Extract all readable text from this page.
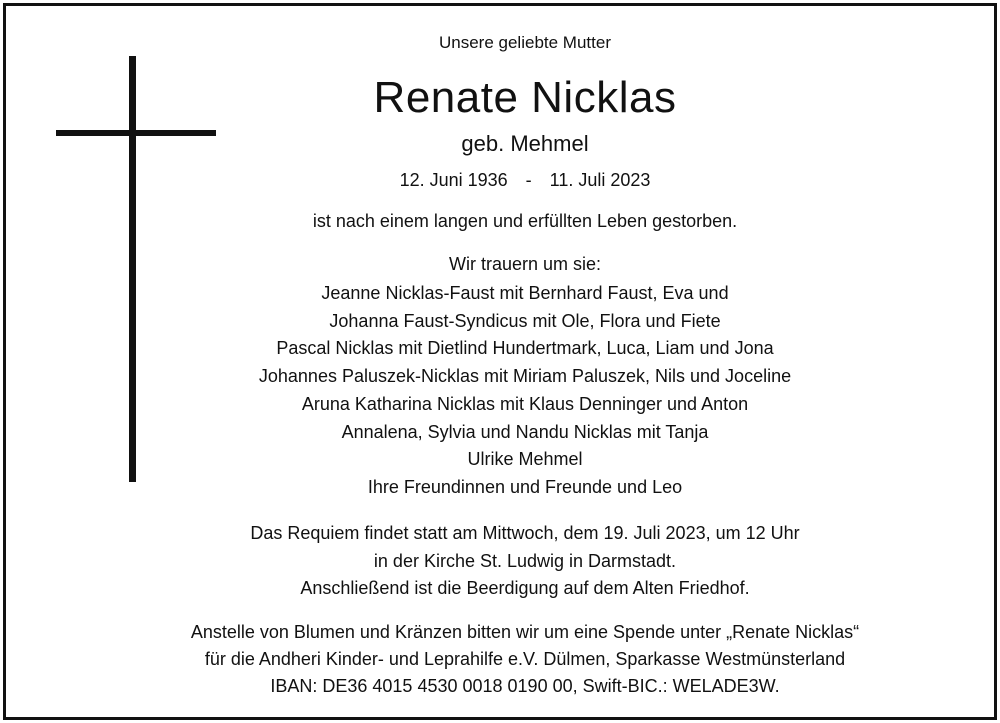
Unsere geliebte Mutter
Renate Nicklas
geb. Mehmel
12. Juni 1936 - 11. Juli 2023
ist nach einem langen und erfüllten Leben gestorben.
Wir trauern um sie:
Jeanne Nicklas-Faust mit Bernhard Faust, Eva und
Johanna Faust-Syndicus mit Ole, Flora und Fiete
Pascal Nicklas mit Dietlind Hundertmark, Luca, Liam und Jona
Johannes Paluszek-Nicklas mit Miriam Paluszek, Nils und Joceline
Aruna Katharina Nicklas mit Klaus Denninger und Anton
Annalena, Sylvia und Nandu Nicklas mit Tanja
Ulrike Mehmel
Ihre Freundinnen und Freunde und Leo
Das Requiem findet statt am Mittwoch, dem 19. Juli 2023, um 12 Uhr
in der Kirche St. Ludwig in Darmstadt.
Anschließend ist die Beerdigung auf dem Alten Friedhof.
Anstelle von Blumen und Kränzen bitten wir um eine Spende unter „Renate Nicklas“
für die Andheri Kinder- und Leprahilfe e.V. Dülmen, Sparkasse Westmünsterland
IBAN: DE36 4015 4530 0018 0190 00, Swift-BIC.: WELADE3W.
